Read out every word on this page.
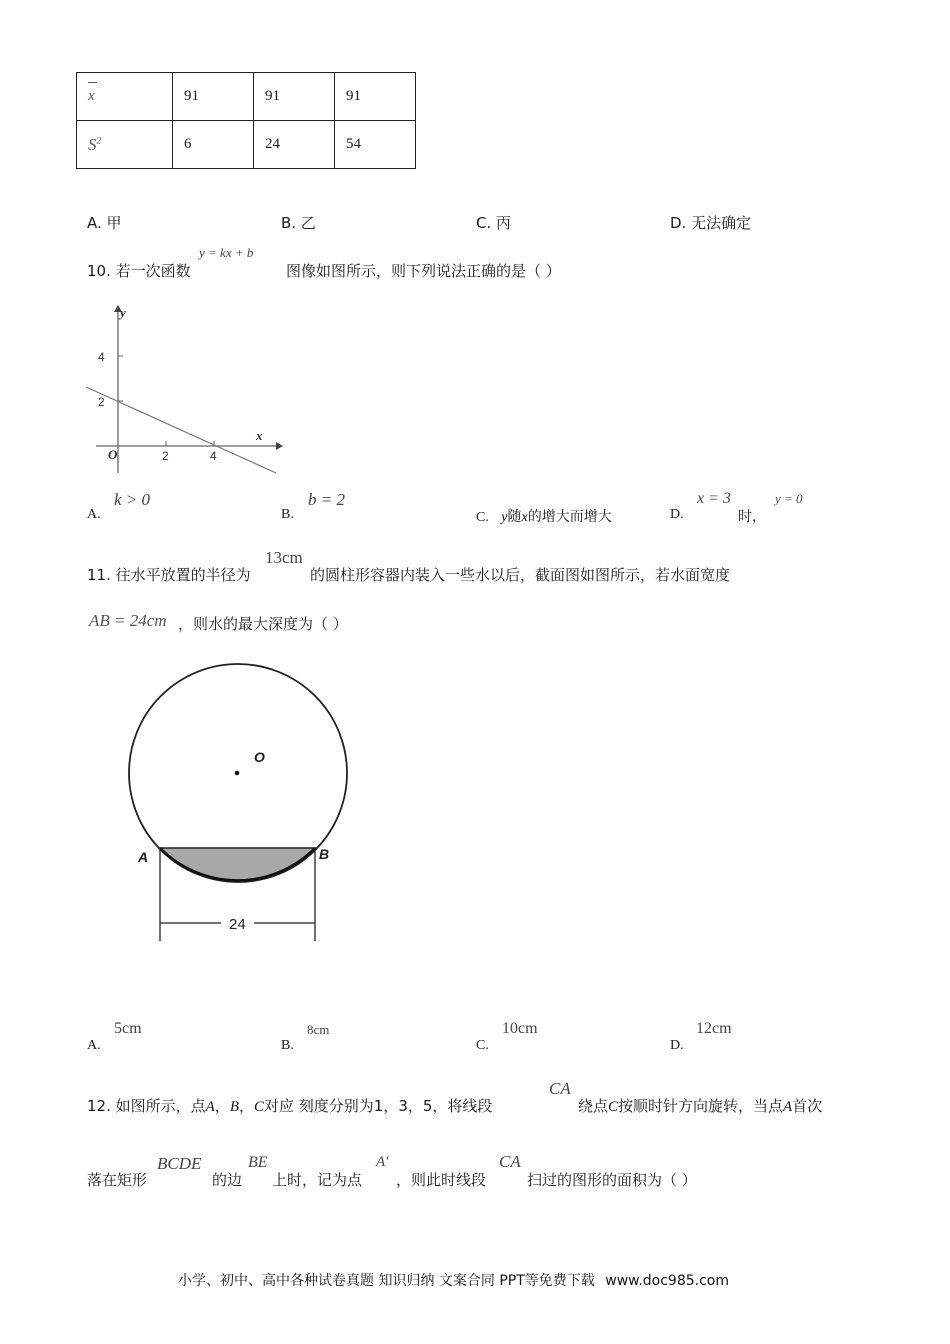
x	91	91	91
$S^2$	6	24	54
A. 甲	B. 乙	C. 丙	D. 无法确定
10. 若一次函数
y = kx + b
图像如图所示，则下列说法正确的是（ ）
y
x
4
2
2	4
O
A.
k > 0
B.
b = 2
C. y随x的增大而增大	D.
x = 3
时，
y = 0
11. 往水平放置的半径为
13cm
的圆柱形容器内装入一些水以后，截面图如图所示，若水面宽度
AB = 24cm ，则水的最大深度为（ ）
O
A	B
24
A.
5cm
B.
8cm
C.
10cm
D.
12cm
12. 如图所示，点A，B，C对应 刻度分别为1，3，5，将线段
CA
绕点C按顺时针方向旋转，当点A首次
落在矩形
BCDE
的边
BE
上时，记为点
A′
，则此时线段
CA
扫过的图形的面积为（ ）
小学、初中、高中各种试卷真题 知识归纳 文案合同 PPT等免费下载 www.doc985.com
